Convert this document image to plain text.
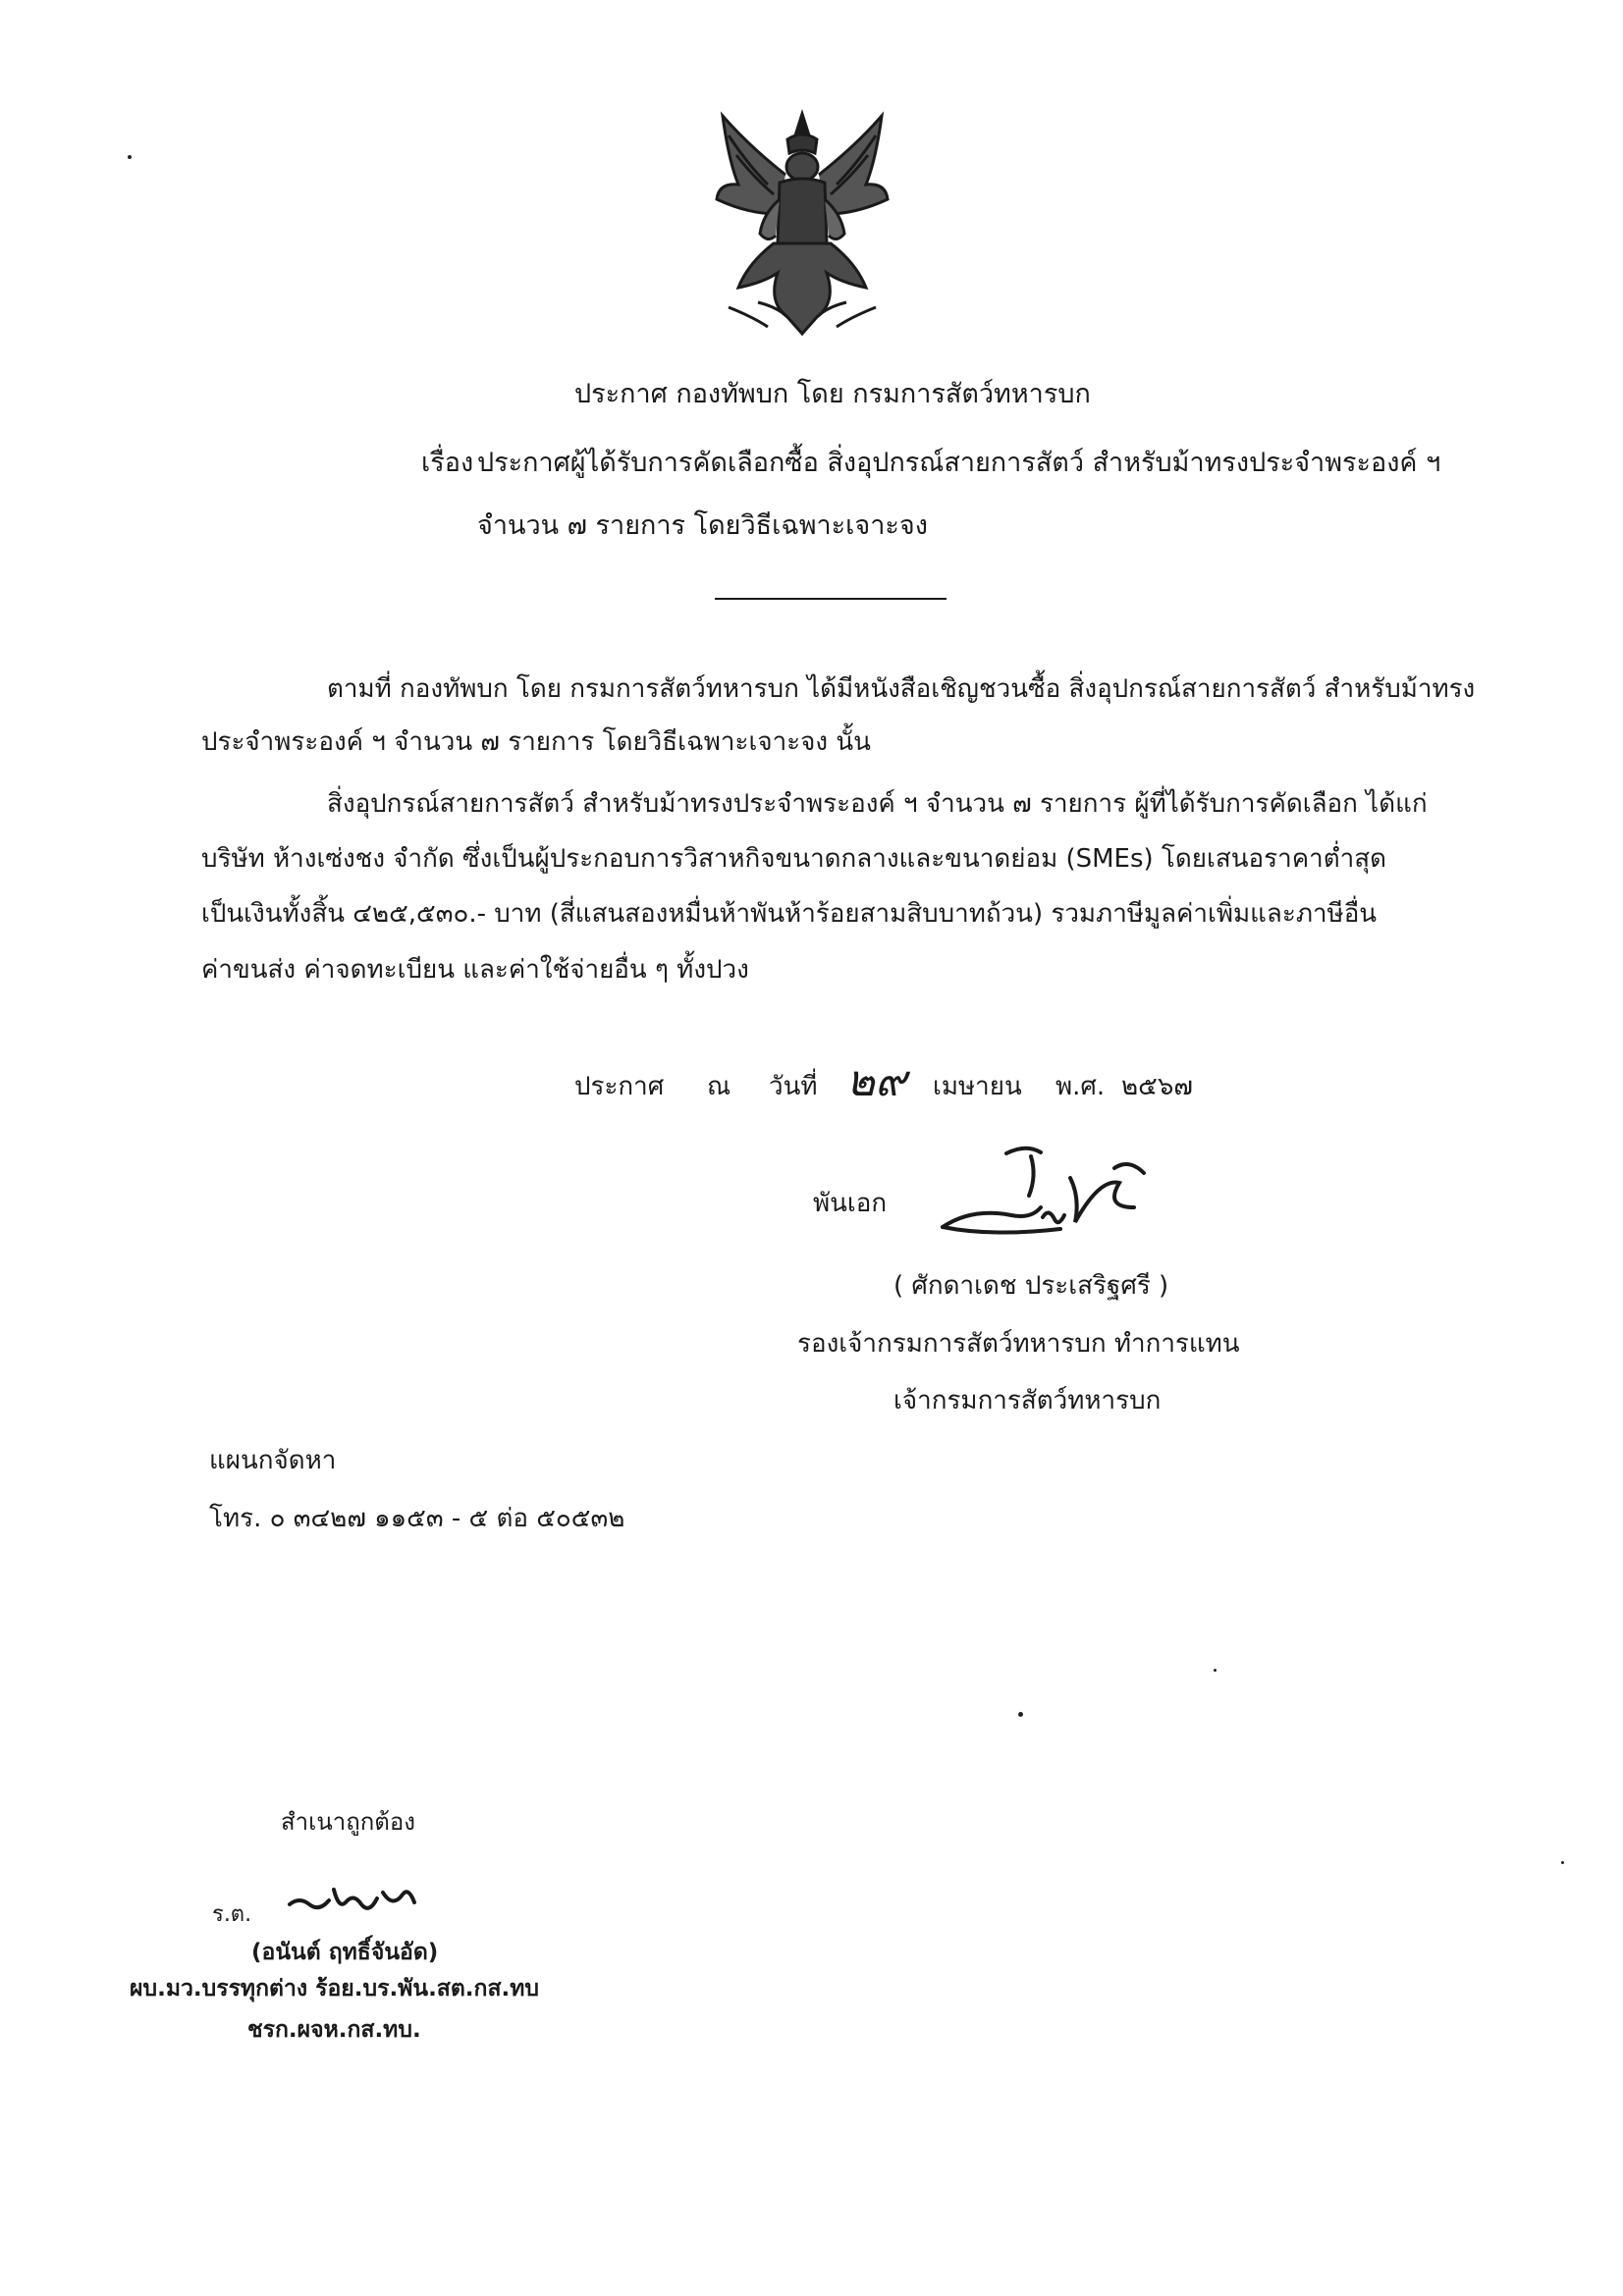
ประกาศ กองทัพบก โดย กรมการสัตว์ทหารบก
เรื่อง ประกาศผู้ได้รับการคัดเลือกซื้อ สิ่งอุปกรณ์สายการสัตว์ สำหรับม้าทรงประจำพระองค์ ฯ
จำนวน ๗ รายการ โดยวิธีเฉพาะเจาะจง
ตามที่ กองทัพบก โดย กรมการสัตว์ทหารบก ได้มีหนังสือเชิญชวนซื้อ สิ่งอุปกรณ์สายการสัตว์ สำหรับม้าทรง
ประจำพระองค์ ฯ จำนวน ๗ รายการ โดยวิธีเฉพาะเจาะจง นั้น
สิ่งอุปกรณ์สายการสัตว์ สำหรับม้าทรงประจำพระองค์ ฯ จำนวน ๗ รายการ ผู้ที่ได้รับการคัดเลือก ได้แก่
บริษัท ห้างเซ่งชง จำกัด ซึ่งเป็นผู้ประกอบการวิสาหกิจขนาดกลางและขนาดย่อม (SMEs) โดยเสนอราคาต่ำสุด
เป็นเงินทั้งสิ้น ๔๒๕,๕๓๐.- บาท (สี่แสนสองหมื่นห้าพันห้าร้อยสามสิบบาทถ้วน) รวมภาษีมูลค่าเพิ่มและภาษีอื่น
ค่าขนส่ง ค่าจดทะเบียน และค่าใช้จ่ายอื่น ๆ ทั้งปวง
ประกาศ ณ วันที่ ๒๙ เมษายน พ.ศ. ๒๕๖๗
พันเอก
( ศักดาเดช ประเสริฐศรี )
รองเจ้ากรมการสัตว์ทหารบก ทำการแทน
เจ้ากรมการสัตว์ทหารบก
แผนกจัดหา
โทร. ๐ ๓๔๒๗ ๑๑๕๓ - ๕ ต่อ ๕๐๕๓๒
สำเนาถูกต้อง
ร.ต.
(อนันต์ ฤทธิ์จันอัด)
ผบ.มว.บรรทุกต่าง ร้อย.บร.พัน.สต.กส.ทบ
ชรก.ผจห.กส.ทบ.
